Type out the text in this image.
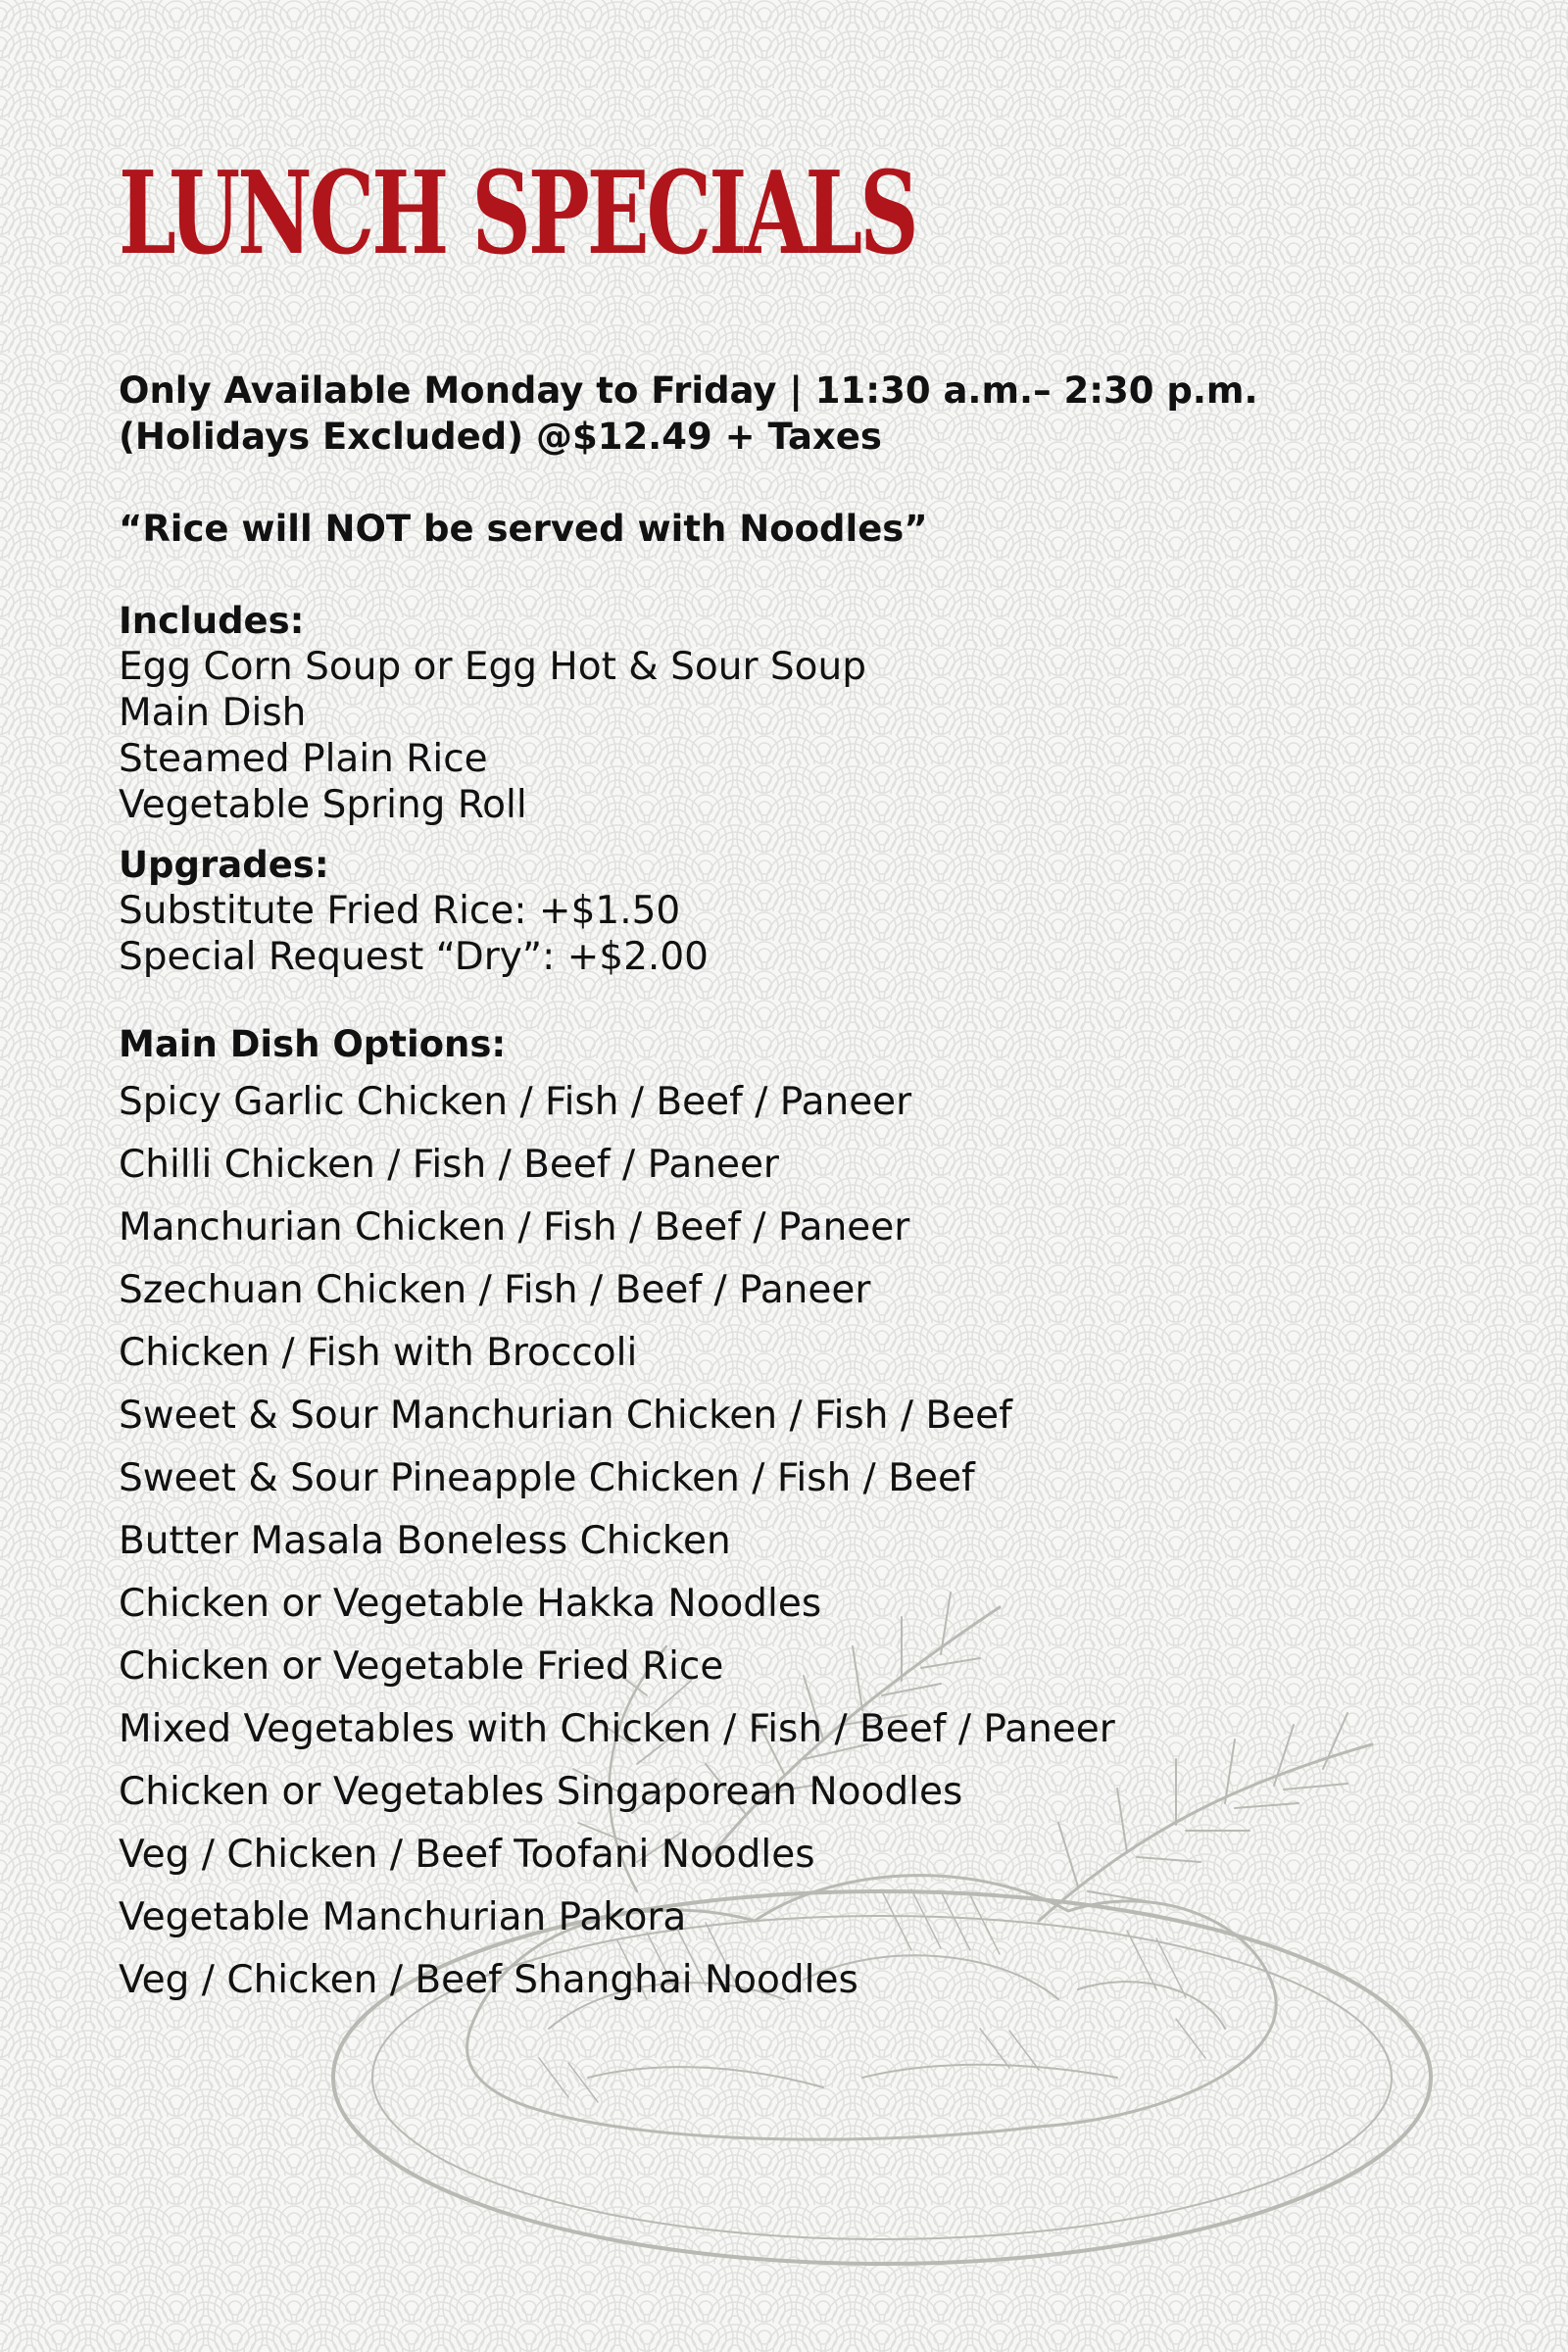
LUNCH SPECIALS

Only Available Monday to Friday | 11:30 a.m.– 2:30 p.m.

(Holidays Excluded) @$12.49 + Taxes

“Rice will NOT be served with Noodles”

Includes:

Egg Corn Soup or Egg Hot & Sour Soup

Main Dish

Steamed Plain Rice

Vegetable Spring Roll

Upgrades:

Substitute Fried Rice: +$1.50

Special Request “Dry”: +$2.00

Main Dish Options:

Spicy Garlic Chicken / Fish / Beef / Paneer

Chilli Chicken / Fish / Beef / Paneer

Manchurian Chicken / Fish / Beef / Paneer

Szechuan Chicken / Fish / Beef / Paneer

Chicken / Fish with Broccoli

Sweet & Sour Manchurian Chicken / Fish / Beef

Sweet & Sour Pineapple Chicken / Fish / Beef

Butter Masala Boneless Chicken

Chicken or Vegetable Hakka Noodles

Chicken or Vegetable Fried Rice

Mixed Vegetables with Chicken / Fish / Beef / Paneer

Chicken or Vegetables Singaporean Noodles

Veg / Chicken / Beef Toofani Noodles

Vegetable Manchurian Pakora

Veg / Chicken / Beef Shanghai Noodles
